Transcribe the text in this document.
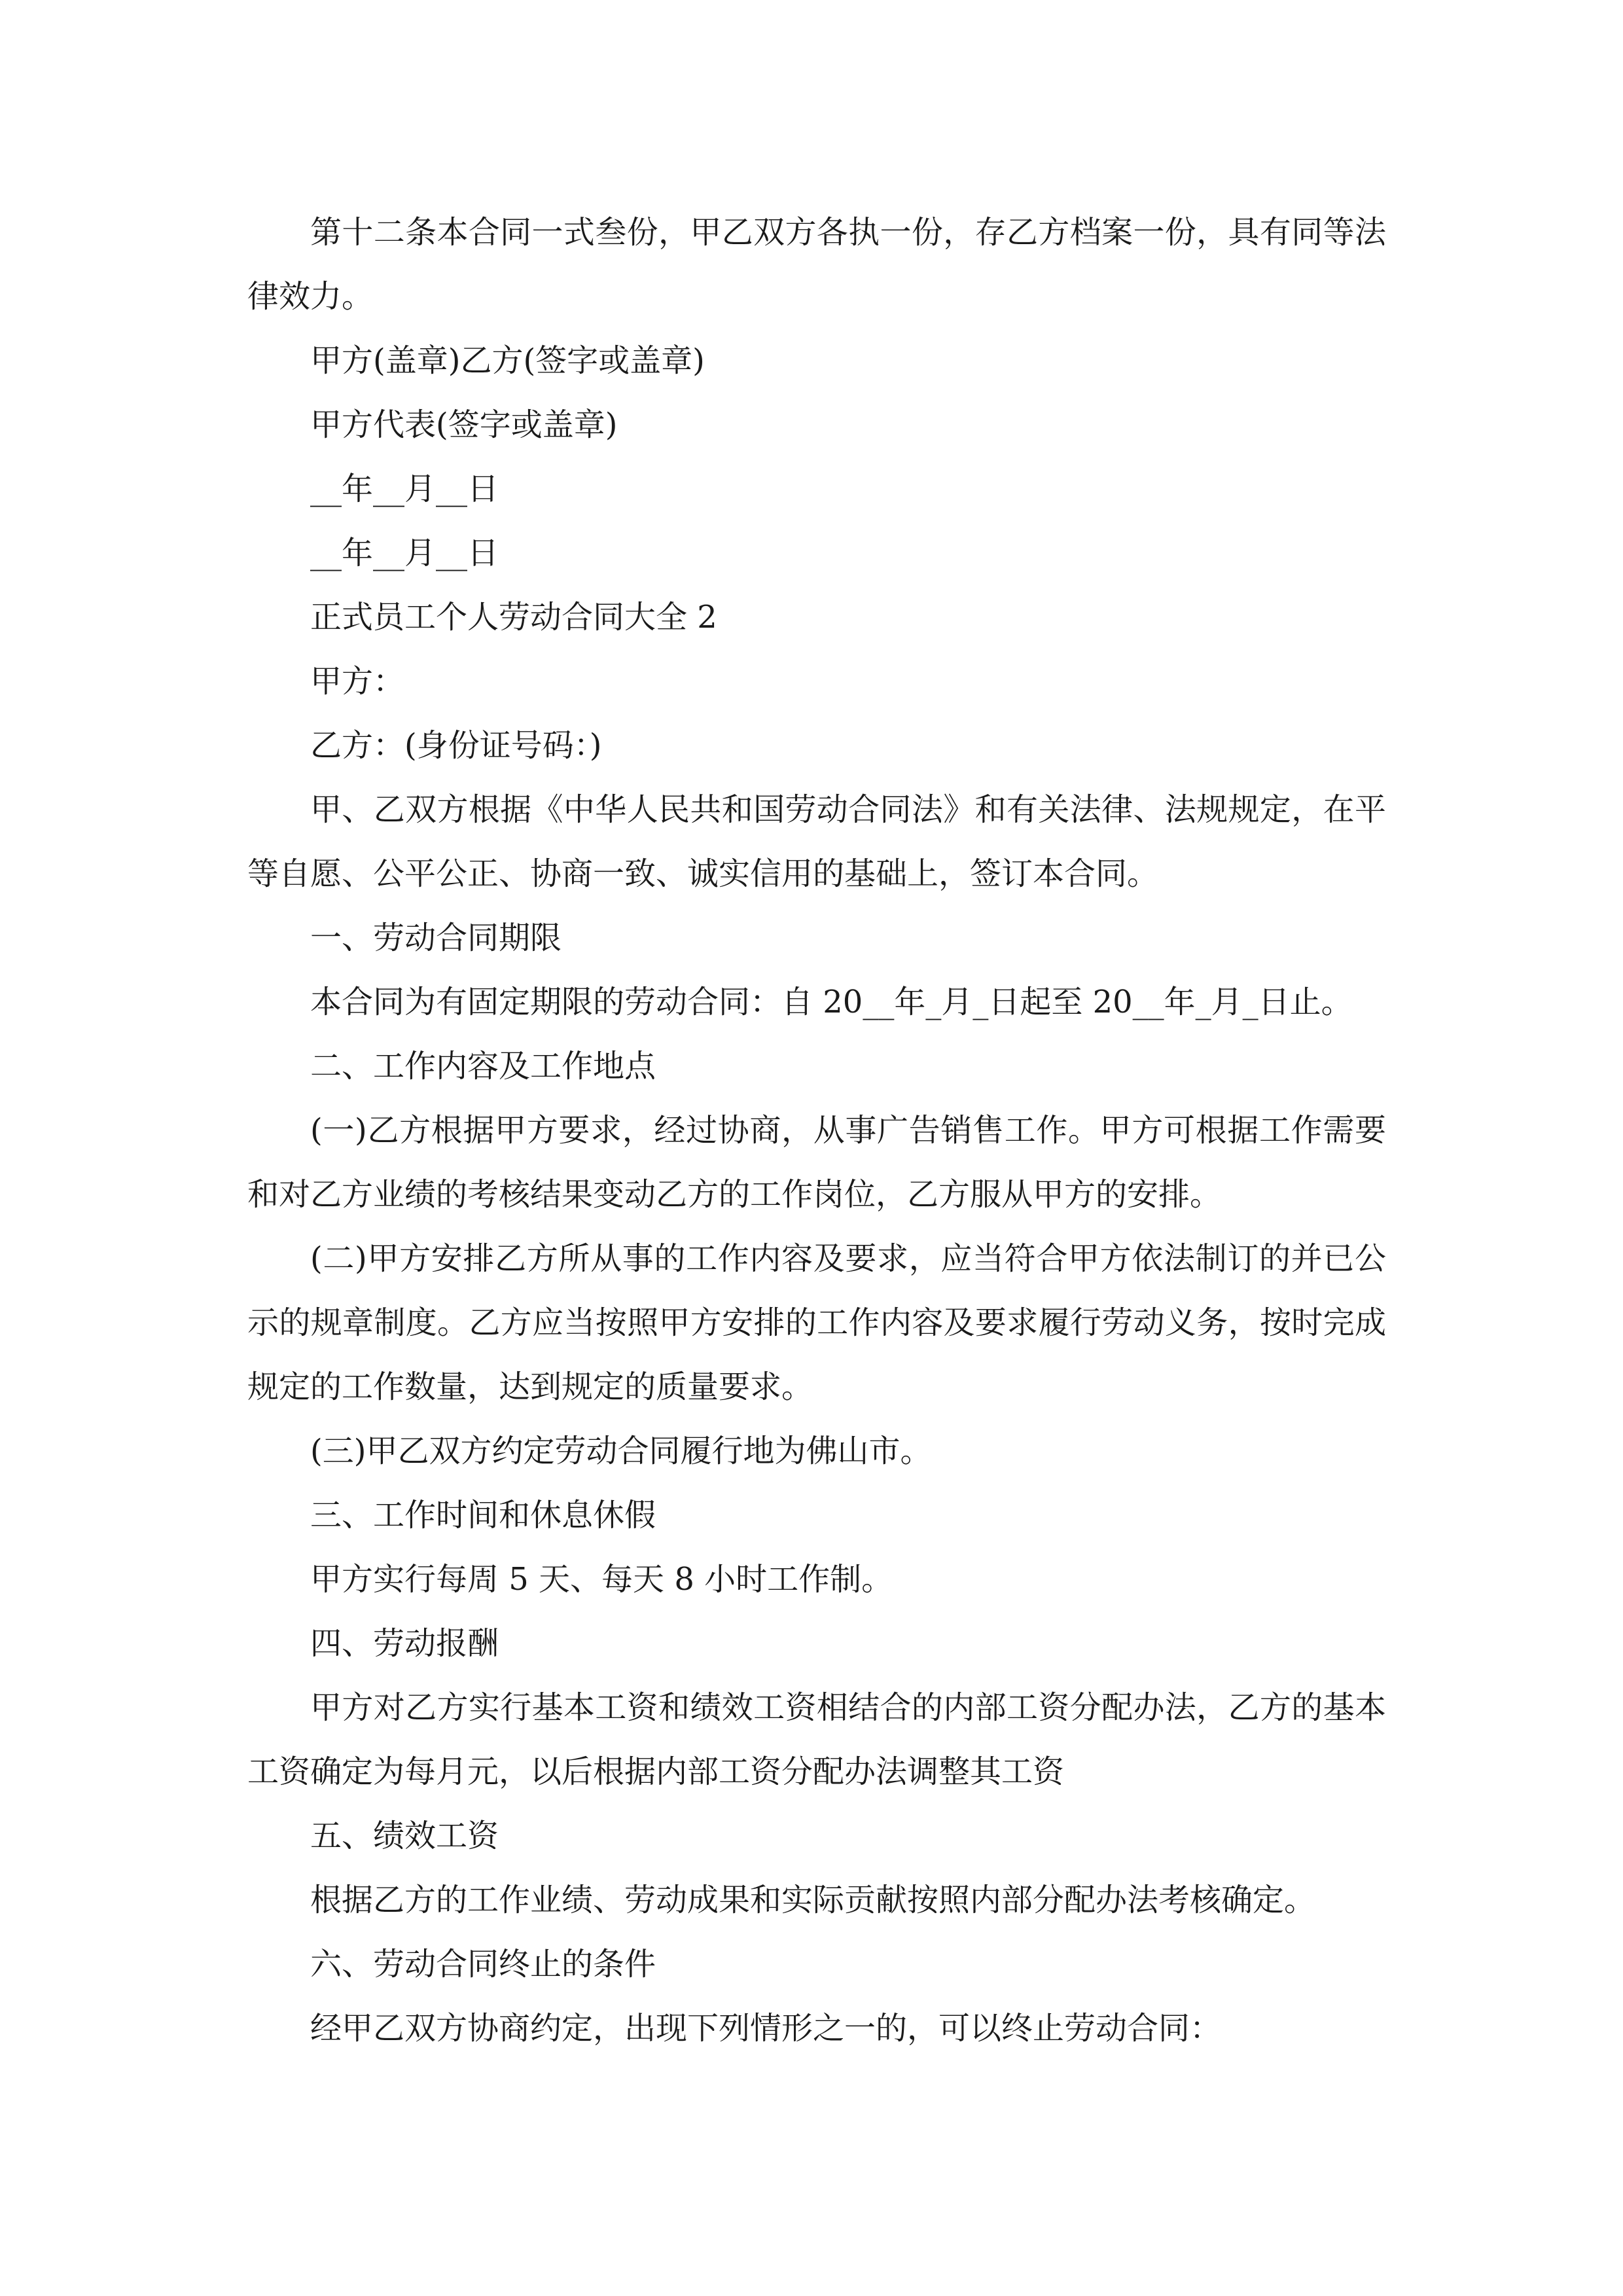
第十二条本合同一式叁份，甲乙双方各执一份，存乙方档案一份，具有同等法律效力。

甲方(盖章)乙方(签字或盖章)

甲方代表(签字或盖章)

__年__月__日

__年__月__日

正式员工个人劳动合同大全 2

甲方：

乙方：(身份证号码：)

甲、乙双方根据《中华人民共和国劳动合同法》和有关法律、法规规定，在平等自愿、公平公正、协商一致、诚实信用的基础上，签订本合同。

一、劳动合同期限

本合同为有固定期限的劳动合同：自 20__年_月_日起至 20__年_月_日止。

二、工作内容及工作地点

(一)乙方根据甲方要求，经过协商，从事广告销售工作。甲方可根据工作需要和对乙方业绩的考核结果变动乙方的工作岗位，乙方服从甲方的安排。

(二)甲方安排乙方所从事的工作内容及要求，应当符合甲方依法制订的并已公示的规章制度。乙方应当按照甲方安排的工作内容及要求履行劳动义务，按时完成规定的工作数量，达到规定的质量要求。

(三)甲乙双方约定劳动合同履行地为佛山市。

三、工作时间和休息休假

甲方实行每周 5 天、每天 8 小时工作制。

四、劳动报酬

甲方对乙方实行基本工资和绩效工资相结合的内部工资分配办法，乙方的基本工资确定为每月元，以后根据内部工资分配办法调整其工资

五、绩效工资

根据乙方的工作业绩、劳动成果和实际贡献按照内部分配办法考核确定。

六、劳动合同终止的条件

经甲乙双方协商约定，出现下列情形之一的，可以终止劳动合同：
